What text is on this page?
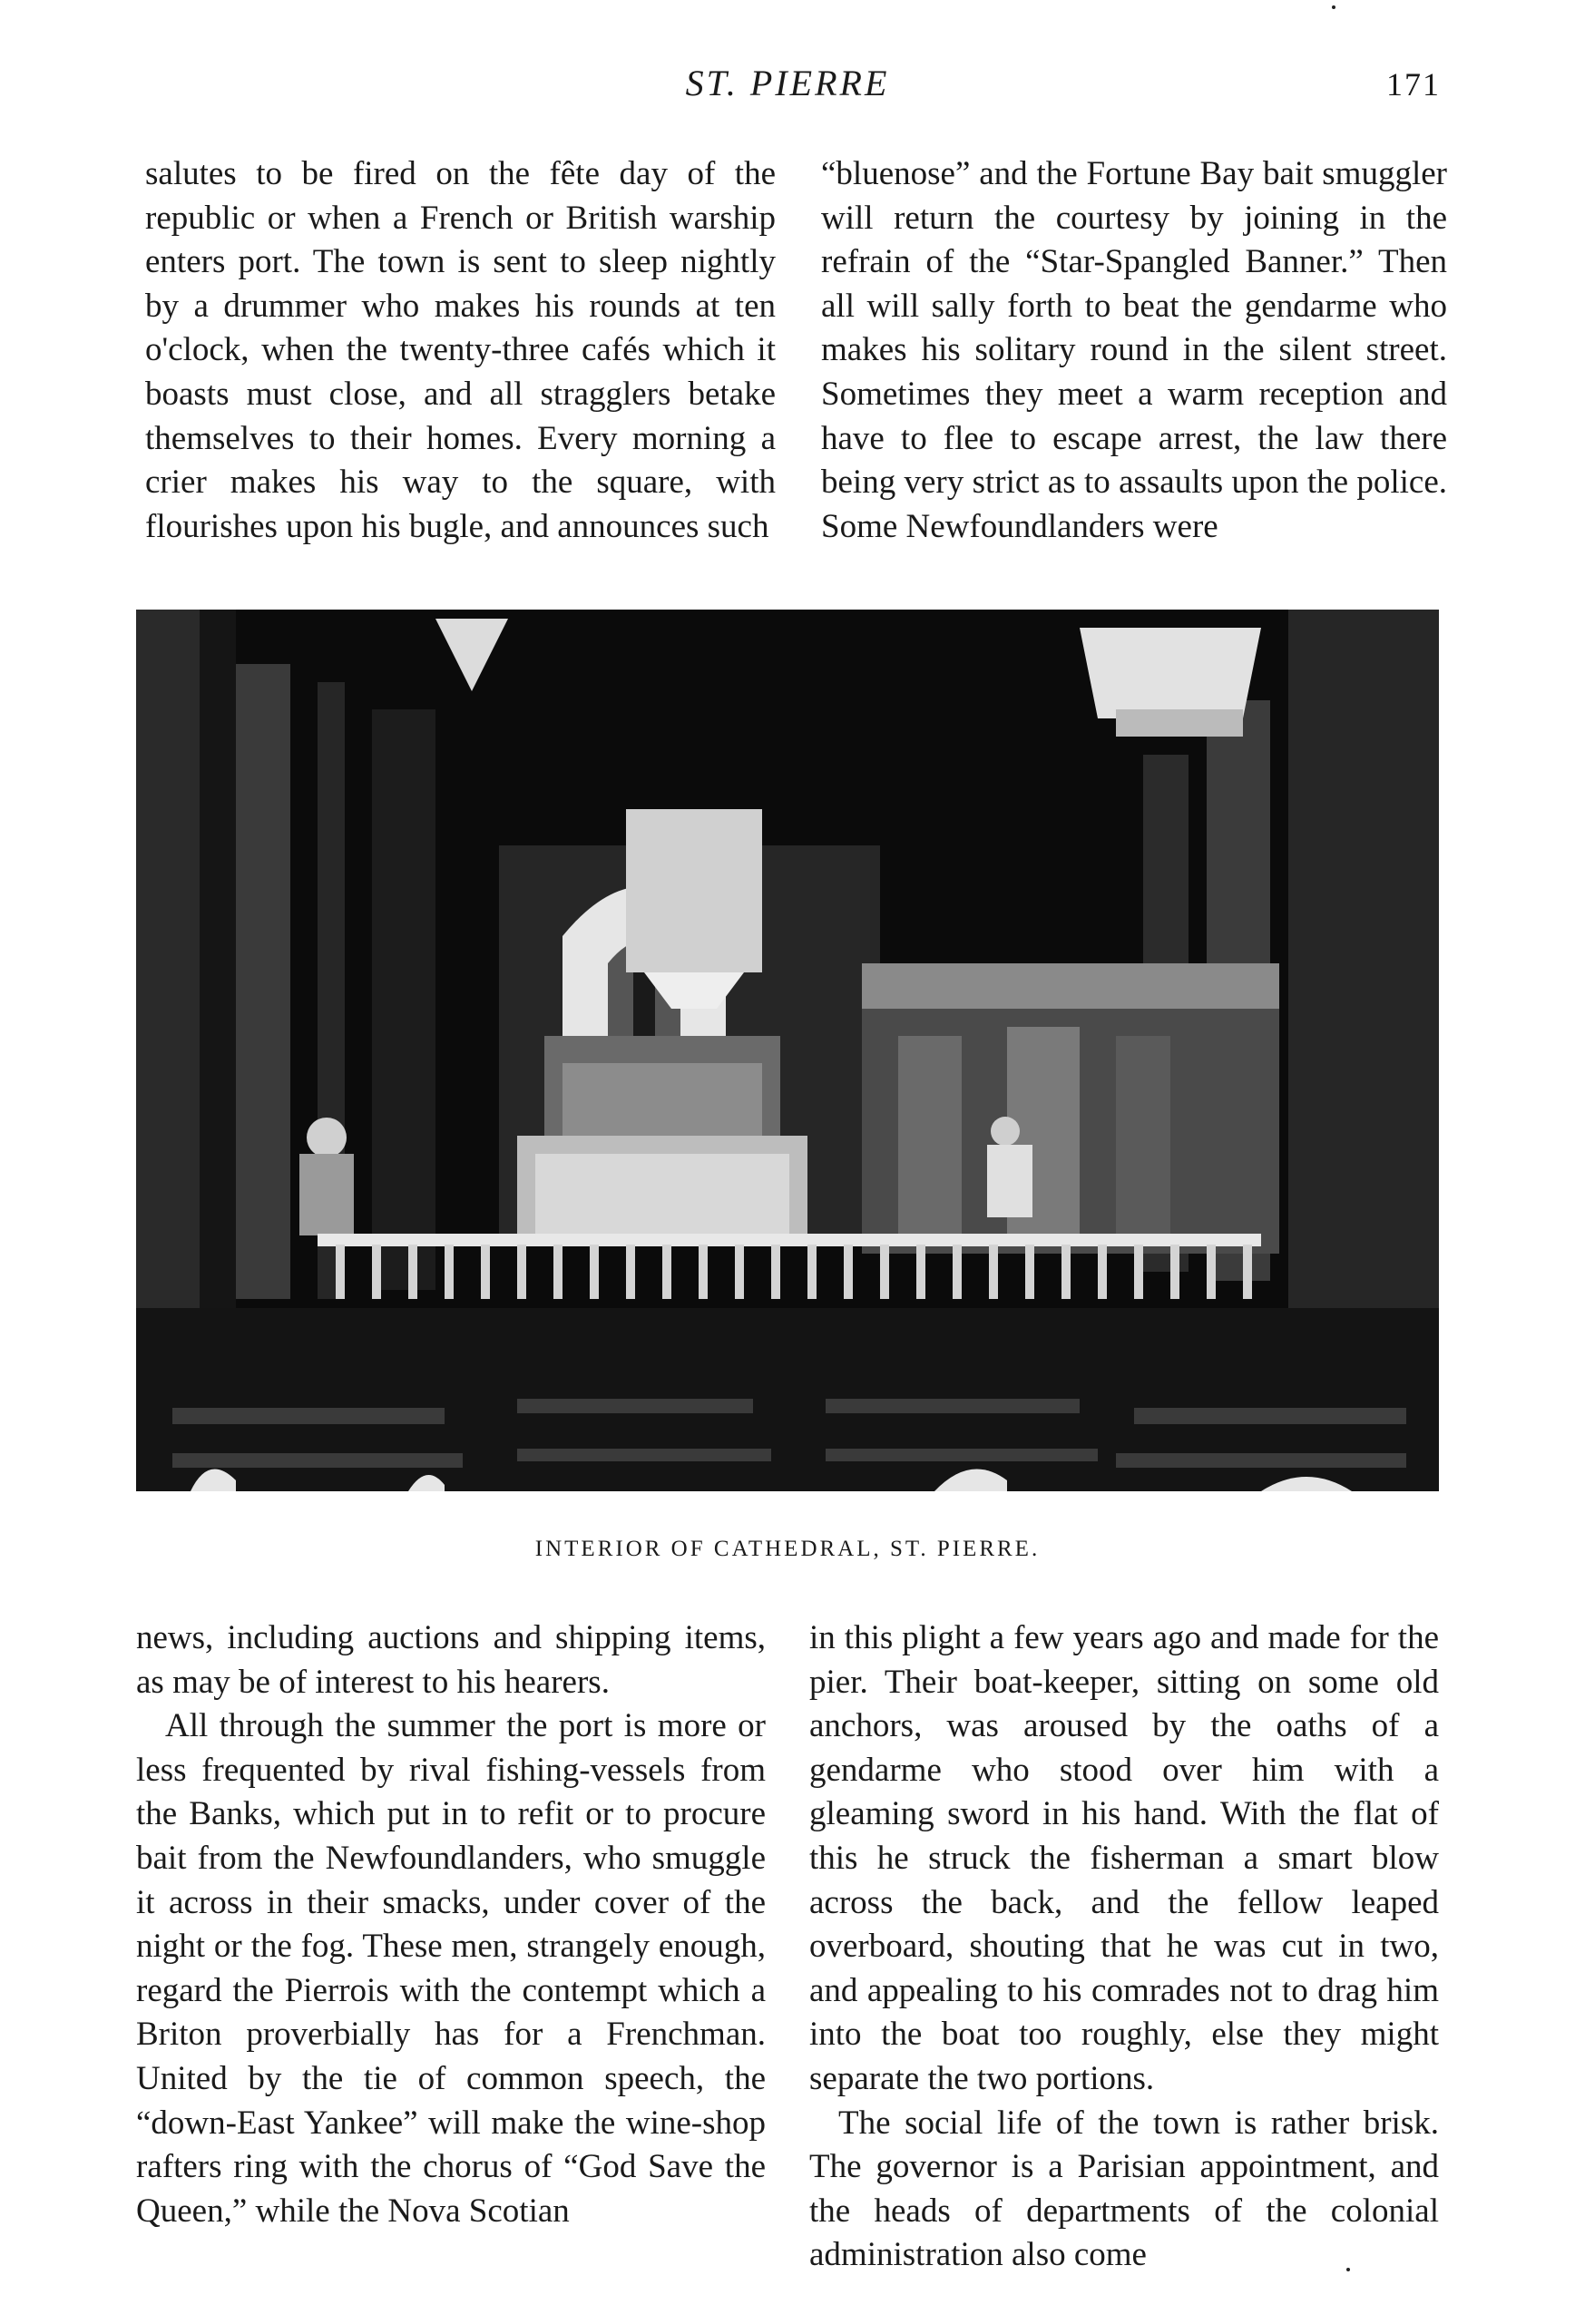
ST. PIERRE	171

salutes to be fired on the fête day of the republic or when a French or British warship enters port. The town is sent to sleep nightly by a drummer who makes his rounds at ten o'clock, when the twenty-three cafés which it boasts must close, and all stragglers betake themselves to their homes. Every morning a crier makes his way to the square, with flourishes upon his bugle, and announces such

“bluenose” and the Fortune Bay bait smuggler will return the courtesy by joining in the refrain of the “Star-Spangled Banner.” Then all will sally forth to beat the gendarme who makes his solitary round in the silent street. Sometimes they meet a warm reception and have to flee to escape arrest, the law there being very strict as to assaults upon the police. Some Newfoundlanders were

INTERIOR OF CATHEDRAL, ST. PIERRE.

news, including auctions and shipping items, as may be of interest to his hearers.

All through the summer the port is more or less frequented by rival fishing-vessels from the Banks, which put in to refit or to procure bait from the Newfoundlanders, who smuggle it across in their smacks, under cover of the night or the fog. These men, strangely enough, regard the Pierrois with the contempt which a Briton proverbially has for a Frenchman. United by the tie of common speech, the “down-East Yankee” will make the wine-shop rafters ring with the chorus of “God Save the Queen,” while the Nova Scotian

in this plight a few years ago and made for the pier. Their boat-keeper, sitting on some old anchors, was aroused by the oaths of a gendarme who stood over him with a gleaming sword in his hand. With the flat of this he struck the fisherman a smart blow across the back, and the fellow leaped overboard, shouting that he was cut in two, and appealing to his comrades not to drag him into the boat too roughly, else they might separate the two portions.

The social life of the town is rather brisk. The governor is a Parisian appointment, and the heads of departments of the colonial administration also come
